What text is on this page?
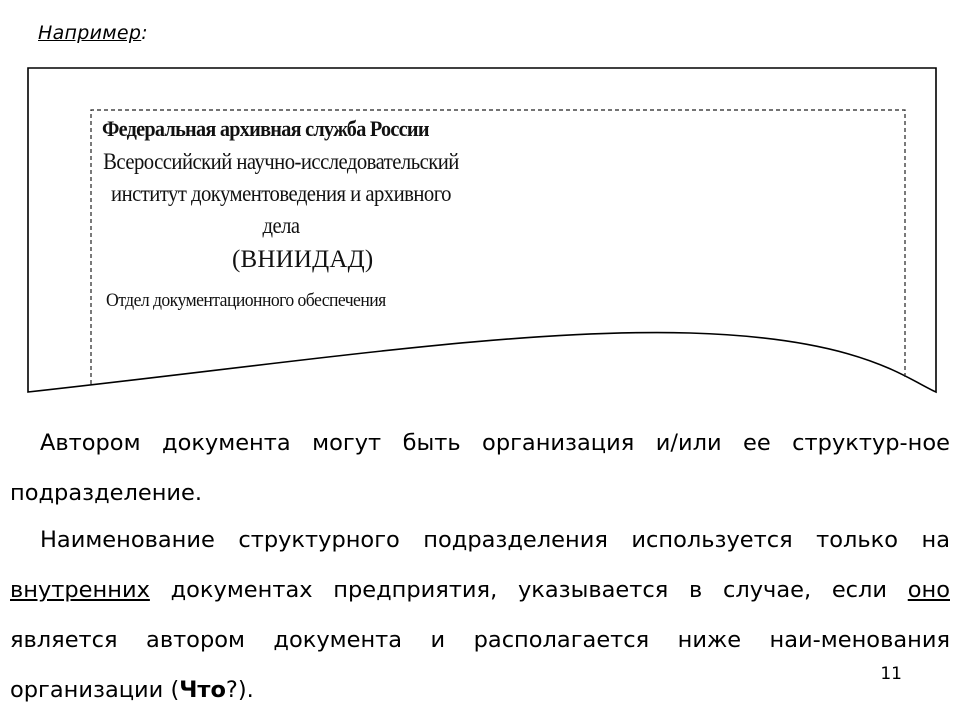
Например:
Федеральная архивная служба России
Всероссийский научно-исследовательский институт документоведения и архивного дела
(ВНИИДАД)
Отдел документационного обеспечения

Автором документа могут быть организация и/или ее структур-ное подразделение.

Наименование структурного подразделения используется только на внутренних документах предприятия, указывается в случае, если оно является автором документа и располагается ниже наи-менования организации (Что?).

11
